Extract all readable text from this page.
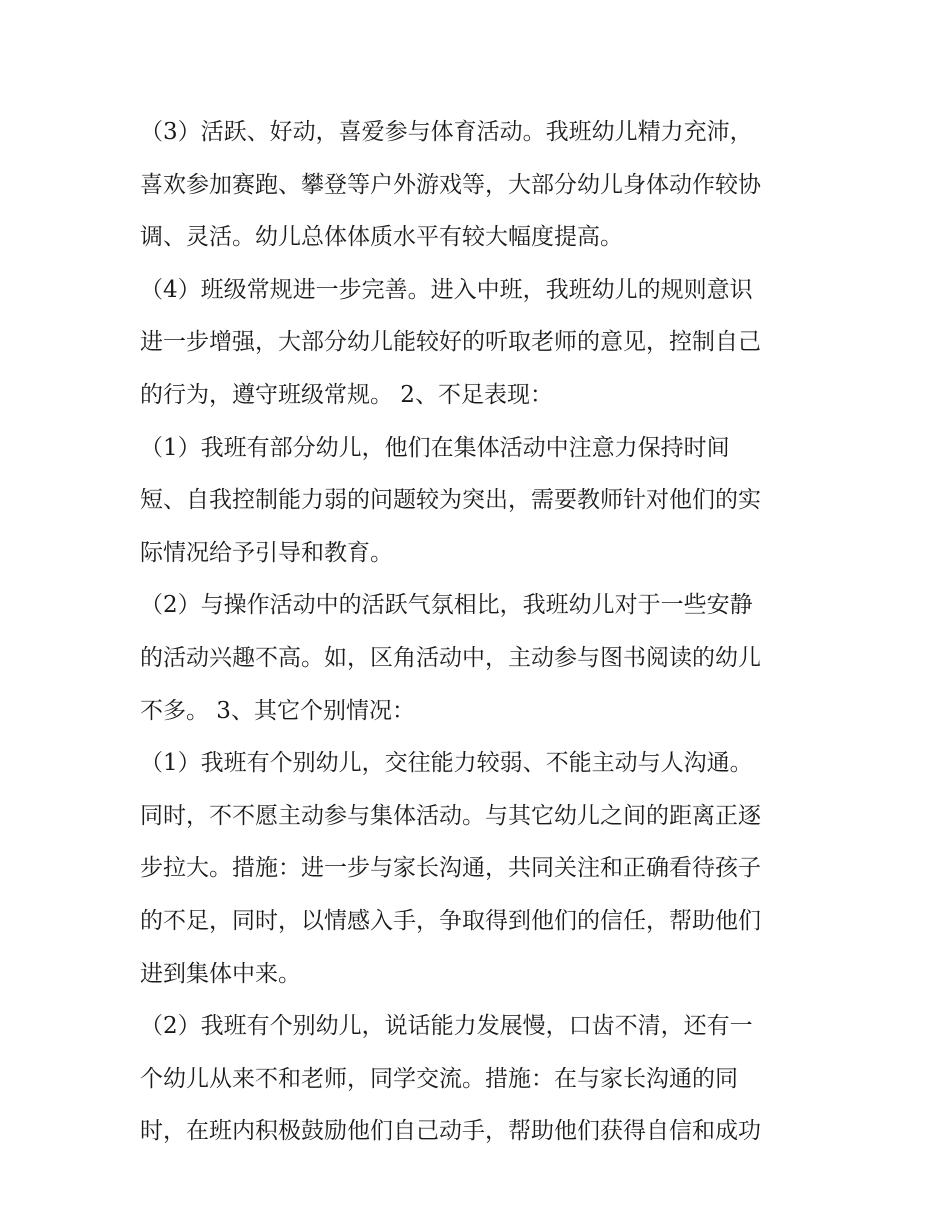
（3）活跃、好动，喜爱参与体育活动。我班幼儿精力充沛，
喜欢参加赛跑、攀登等户外游戏等，大部分幼儿身体动作较协
调、灵活。幼儿总体体质水平有较大幅度提高。
（4）班级常规进一步完善。进入中班，我班幼儿的规则意识
进一步增强，大部分幼儿能较好的听取老师的意见，控制自己
的行为，遵守班级常规。 2、不足表现：
（1）我班有部分幼儿，他们在集体活动中注意力保持时间
短、自我控制能力弱的问题较为突出，需要教师针对他们的实
际情况给予引导和教育。
（2）与操作活动中的活跃气氛相比，我班幼儿对于一些安静
的活动兴趣不高。如，区角活动中，主动参与图书阅读的幼儿
不多。 3、其它个别情况：
（1）我班有个别幼儿，交往能力较弱、不能主动与人沟通。
同时，不不愿主动参与集体活动。与其它幼儿之间的距离正逐
步拉大。措施：进一步与家长沟通，共同关注和正确看待孩子
的不足，同时，以情感入手，争取得到他们的信任，帮助他们
进到集体中来。
（2）我班有个别幼儿，说话能力发展慢，口齿不清，还有一
个幼儿从来不和老师，同学交流。措施：在与家长沟通的同
时，在班内积极鼓励他们自己动手，帮助他们获得自信和成功
